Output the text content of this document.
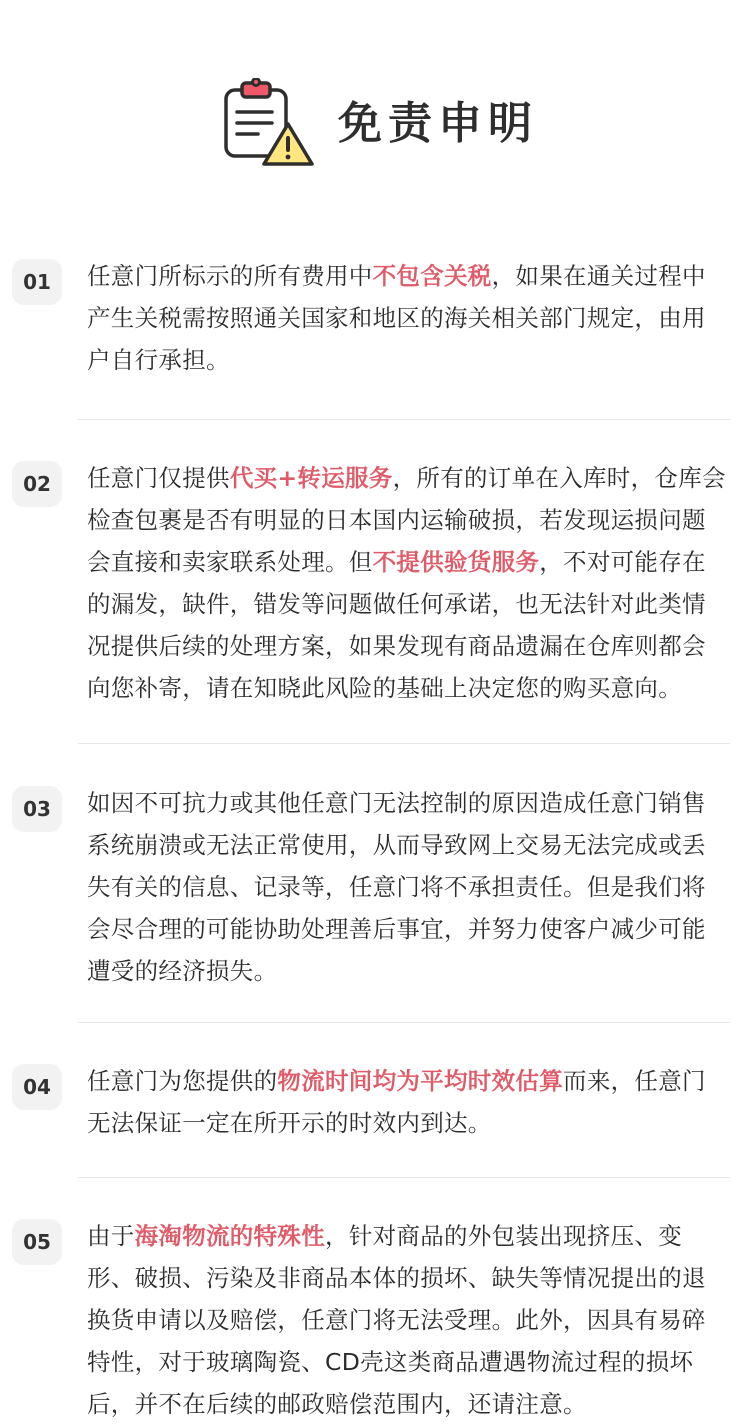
免责申明
01	任意门所标示的所有费用中不包含关税，如果在通关过程中产生关税需按照通关国家和地区的海关相关部门规定，由用户自行承担。
02	任意门仅提供代买+转运服务，所有的订单在入库时，仓库会检查包裹是否有明显的日本国内运输破损，若发现运损问题会直接和卖家联系处理。但不提供验货服务，不对可能存在的漏发，缺件，错发等问题做任何承诺，也无法针对此类情况提供后续的处理方案，如果发现有商品遗漏在仓库则都会向您补寄，请在知晓此风险的基础上决定您的购买意向。
03	如因不可抗力或其他任意门无法控制的原因造成任意门销售系统崩溃或无法正常使用，从而导致网上交易无法完成或丢失有关的信息、记录等，任意门将不承担责任。但是我们将会尽合理的可能协助处理善后事宜，并努力使客户减少可能遭受的经济损失。
04	任意门为您提供的物流时间均为平均时效估算而来，任意门无法保证一定在所开示的时效内到达。
05	由于海淘物流的特殊性，针对商品的外包装出现挤压、变形、破损、污染及非商品本体的损坏、缺失等情况提出的退换货申请以及赔偿，任意门将无法受理。此外，因具有易碎特性，对于玻璃陶瓷、CD壳这类商品遭遇物流过程的损坏后，并不在后续的邮政赔偿范围内，还请注意。
